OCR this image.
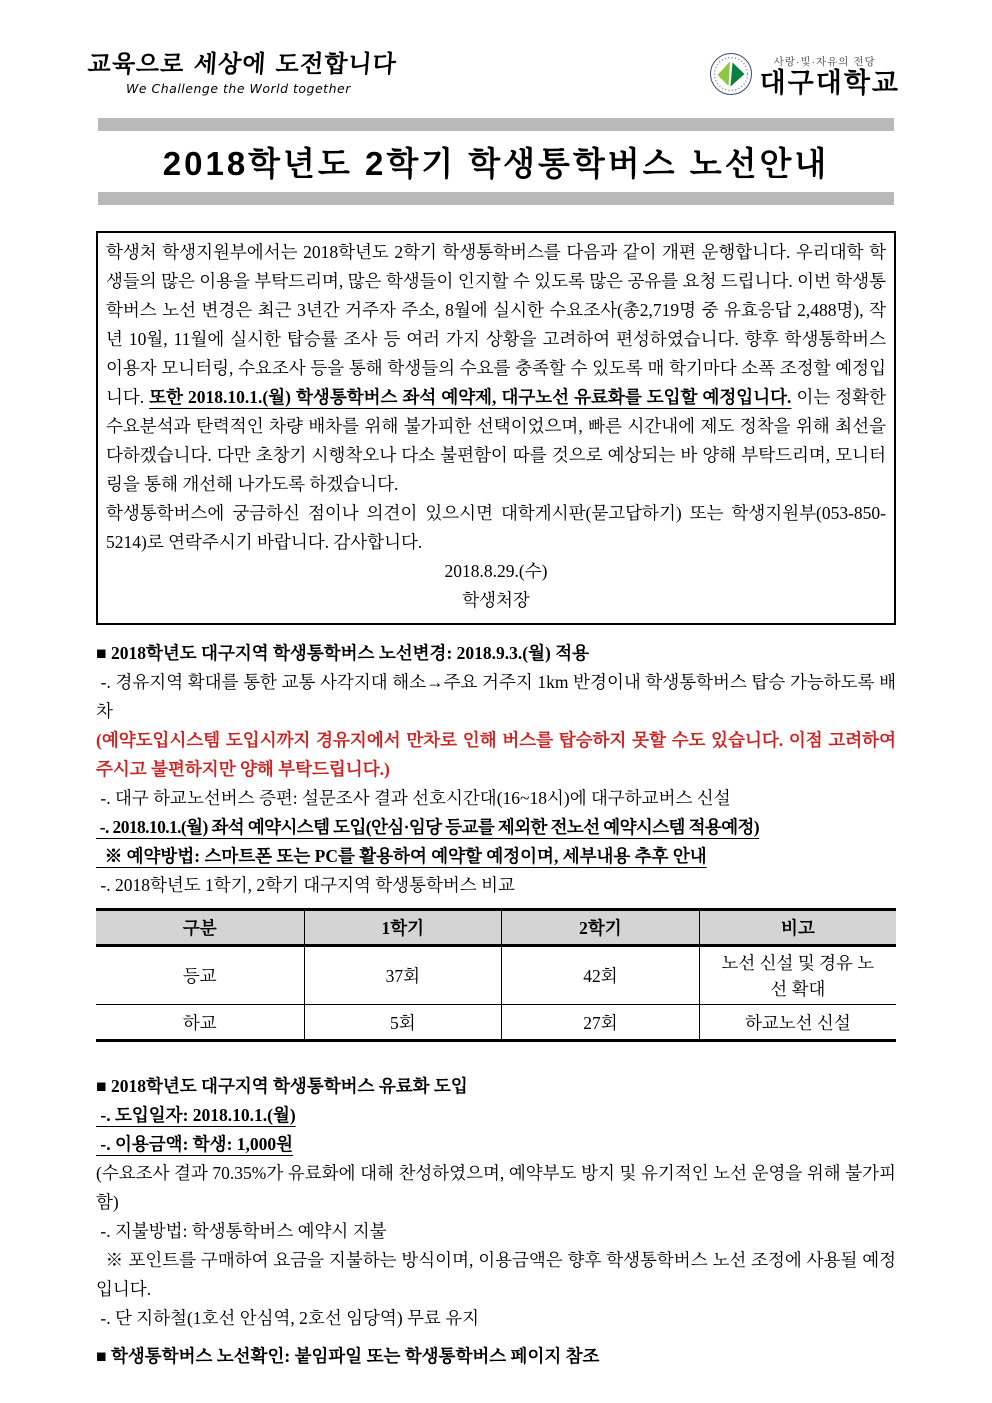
교육으로 세상에 도전합니다
We Challenge the World together
사랑·빛·자유의 전당
대구대학교
2018학년도 2학기 학생통학버스 노선안내

학생처 학생지원부에서는 2018학년도 2학기 학생통학버스를 다음과 같이 개편 운행합니다. 우리대학 학생들의 많은 이용을 부탁드리며, 많은 학생들이 인지할 수 있도록 많은 공유를 요청 드립니다. 이번 학생통학버스 노선 변경은 최근 3년간 거주자 주소, 8월에 실시한 수요조사(총2,719명 중 유효응답 2,488명), 작년 10월, 11월에 실시한 탑승률 조사 등 여러 가지 상황을 고려하여 편성하였습니다. 향후 학생통학버스 이용자 모니터링, 수요조사 등을 통해 학생들의 수요를 충족할 수 있도록 매 학기마다 소폭 조정할 예정입니다. 또한 2018.10.1.(월) 학생통학버스 좌석 예약제, 대구노선 유료화를 도입할 예정입니다. 이는 정확한 수요분석과 탄력적인 차량 배차를 위해 불가피한 선택이었으며, 빠른 시간내에 제도 정착을 위해 최선을 다하겠습니다. 다만 초창기 시행착오나 다소 불편함이 따를 것으로 예상되는 바 양해 부탁드리며, 모니터링을 통해 개선해 나가도록 하겠습니다.

학생통학버스에 궁금하신 점이나 의견이 있으시면 대학게시판(묻고답하기) 또는 학생지원부(053-850-5214)로 연락주시기 바랍니다. 감사합니다.

2018.8.29.(수)

학생처장

■ 2018학년도 대구지역 학생통학버스 노선변경: 2018.9.3.(월) 적용

-. 경유지역 확대를 통한 교통 사각지대 해소→주요 거주지 1km 반경이내 학생통학버스 탑승 가능하도록 배차

(예약도입시스템 도입시까지 경유지에서 만차로 인해 버스를 탑승하지 못할 수도 있습니다. 이점 고려하여 주시고 불편하지만 양해 부탁드립니다.)

-. 대구 하교노선버스 증편: 설문조사 결과 선호시간대(16~18시)에 대구하교버스 신설

-. 2018.10.1.(월) 좌석 예약시스템 도입(안심·임당 등교를 제외한 전노선 예약시스템 적용예정)

※ 예약방법: 스마트폰 또는 PC를 활용하여 예약할 예정이며, 세부내용 추후 안내

-. 2018학년도 1학기, 2학기 대구지역 학생통학버스 비교

구분	1학기	2학기	비고
등교	37회	42회	노선 신설 및 경유 노선 확대
하교	5회	27회	하교노선 신설

■ 2018학년도 대구지역 학생통학버스 유료화 도입

-. 도입일자: 2018.10.1.(월)

-. 이용금액: 학생: 1,000원

(수요조사 결과 70.35%가 유료화에 대해 찬성하였으며, 예약부도 방지 및 유기적인 노선 운영을 위해 불가피함)

-. 지불방법: 학생통학버스 예약시 지불

※ 포인트를 구매하여 요금을 지불하는 방식이며, 이용금액은 향후 학생통학버스 노선 조정에 사용될 예정입니다.

-. 단 지하철(1호선 안심역, 2호선 임당역) 무료 유지

■ 학생통학버스 노선확인: 붙임파일 또는 학생통학버스 페이지 참조
